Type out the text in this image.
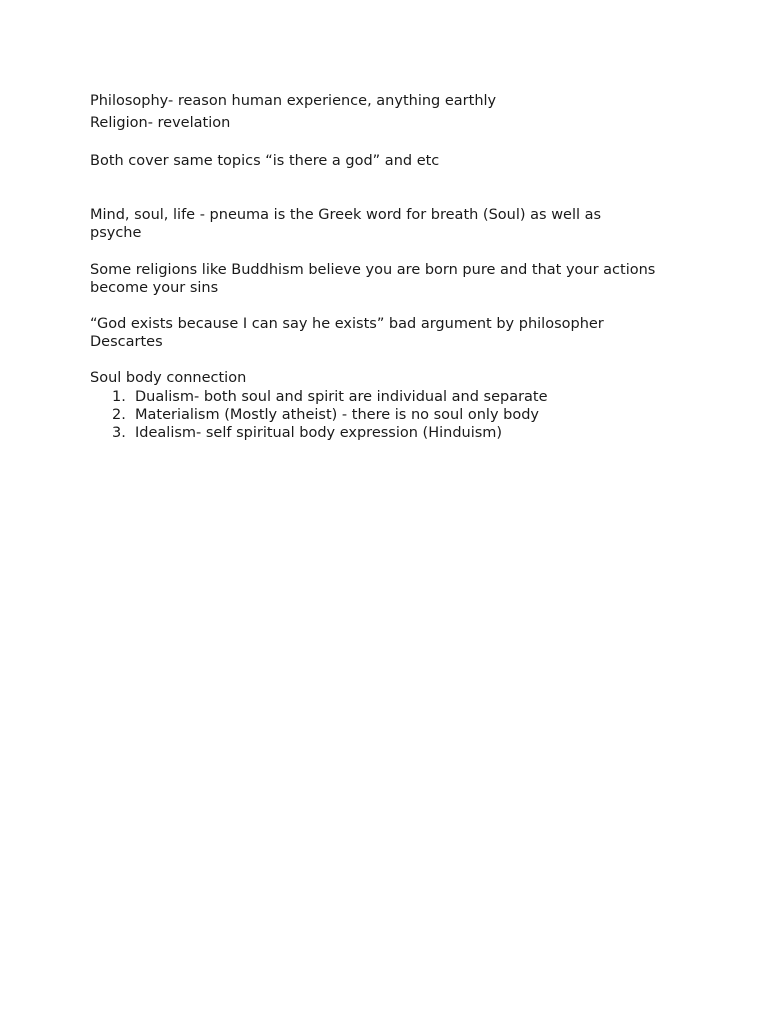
Philosophy- reason human experience, anything earthly

Religion- revelation

Both cover same topics “is there a god” and etc

Mind, soul, life - pneuma is the Greek word for breath (Soul) as well as

psyche

Some religions like Buddhism believe you are born pure and that your actions

become your sins

“God exists because I can say he exists” bad argument by philosopher

Descartes

Soul body connection

1. Dualism- both soul and spirit are individual and separate
2. Materialism (Mostly atheist) - there is no soul only body
3. Idealism- self spiritual body expression (Hinduism)
